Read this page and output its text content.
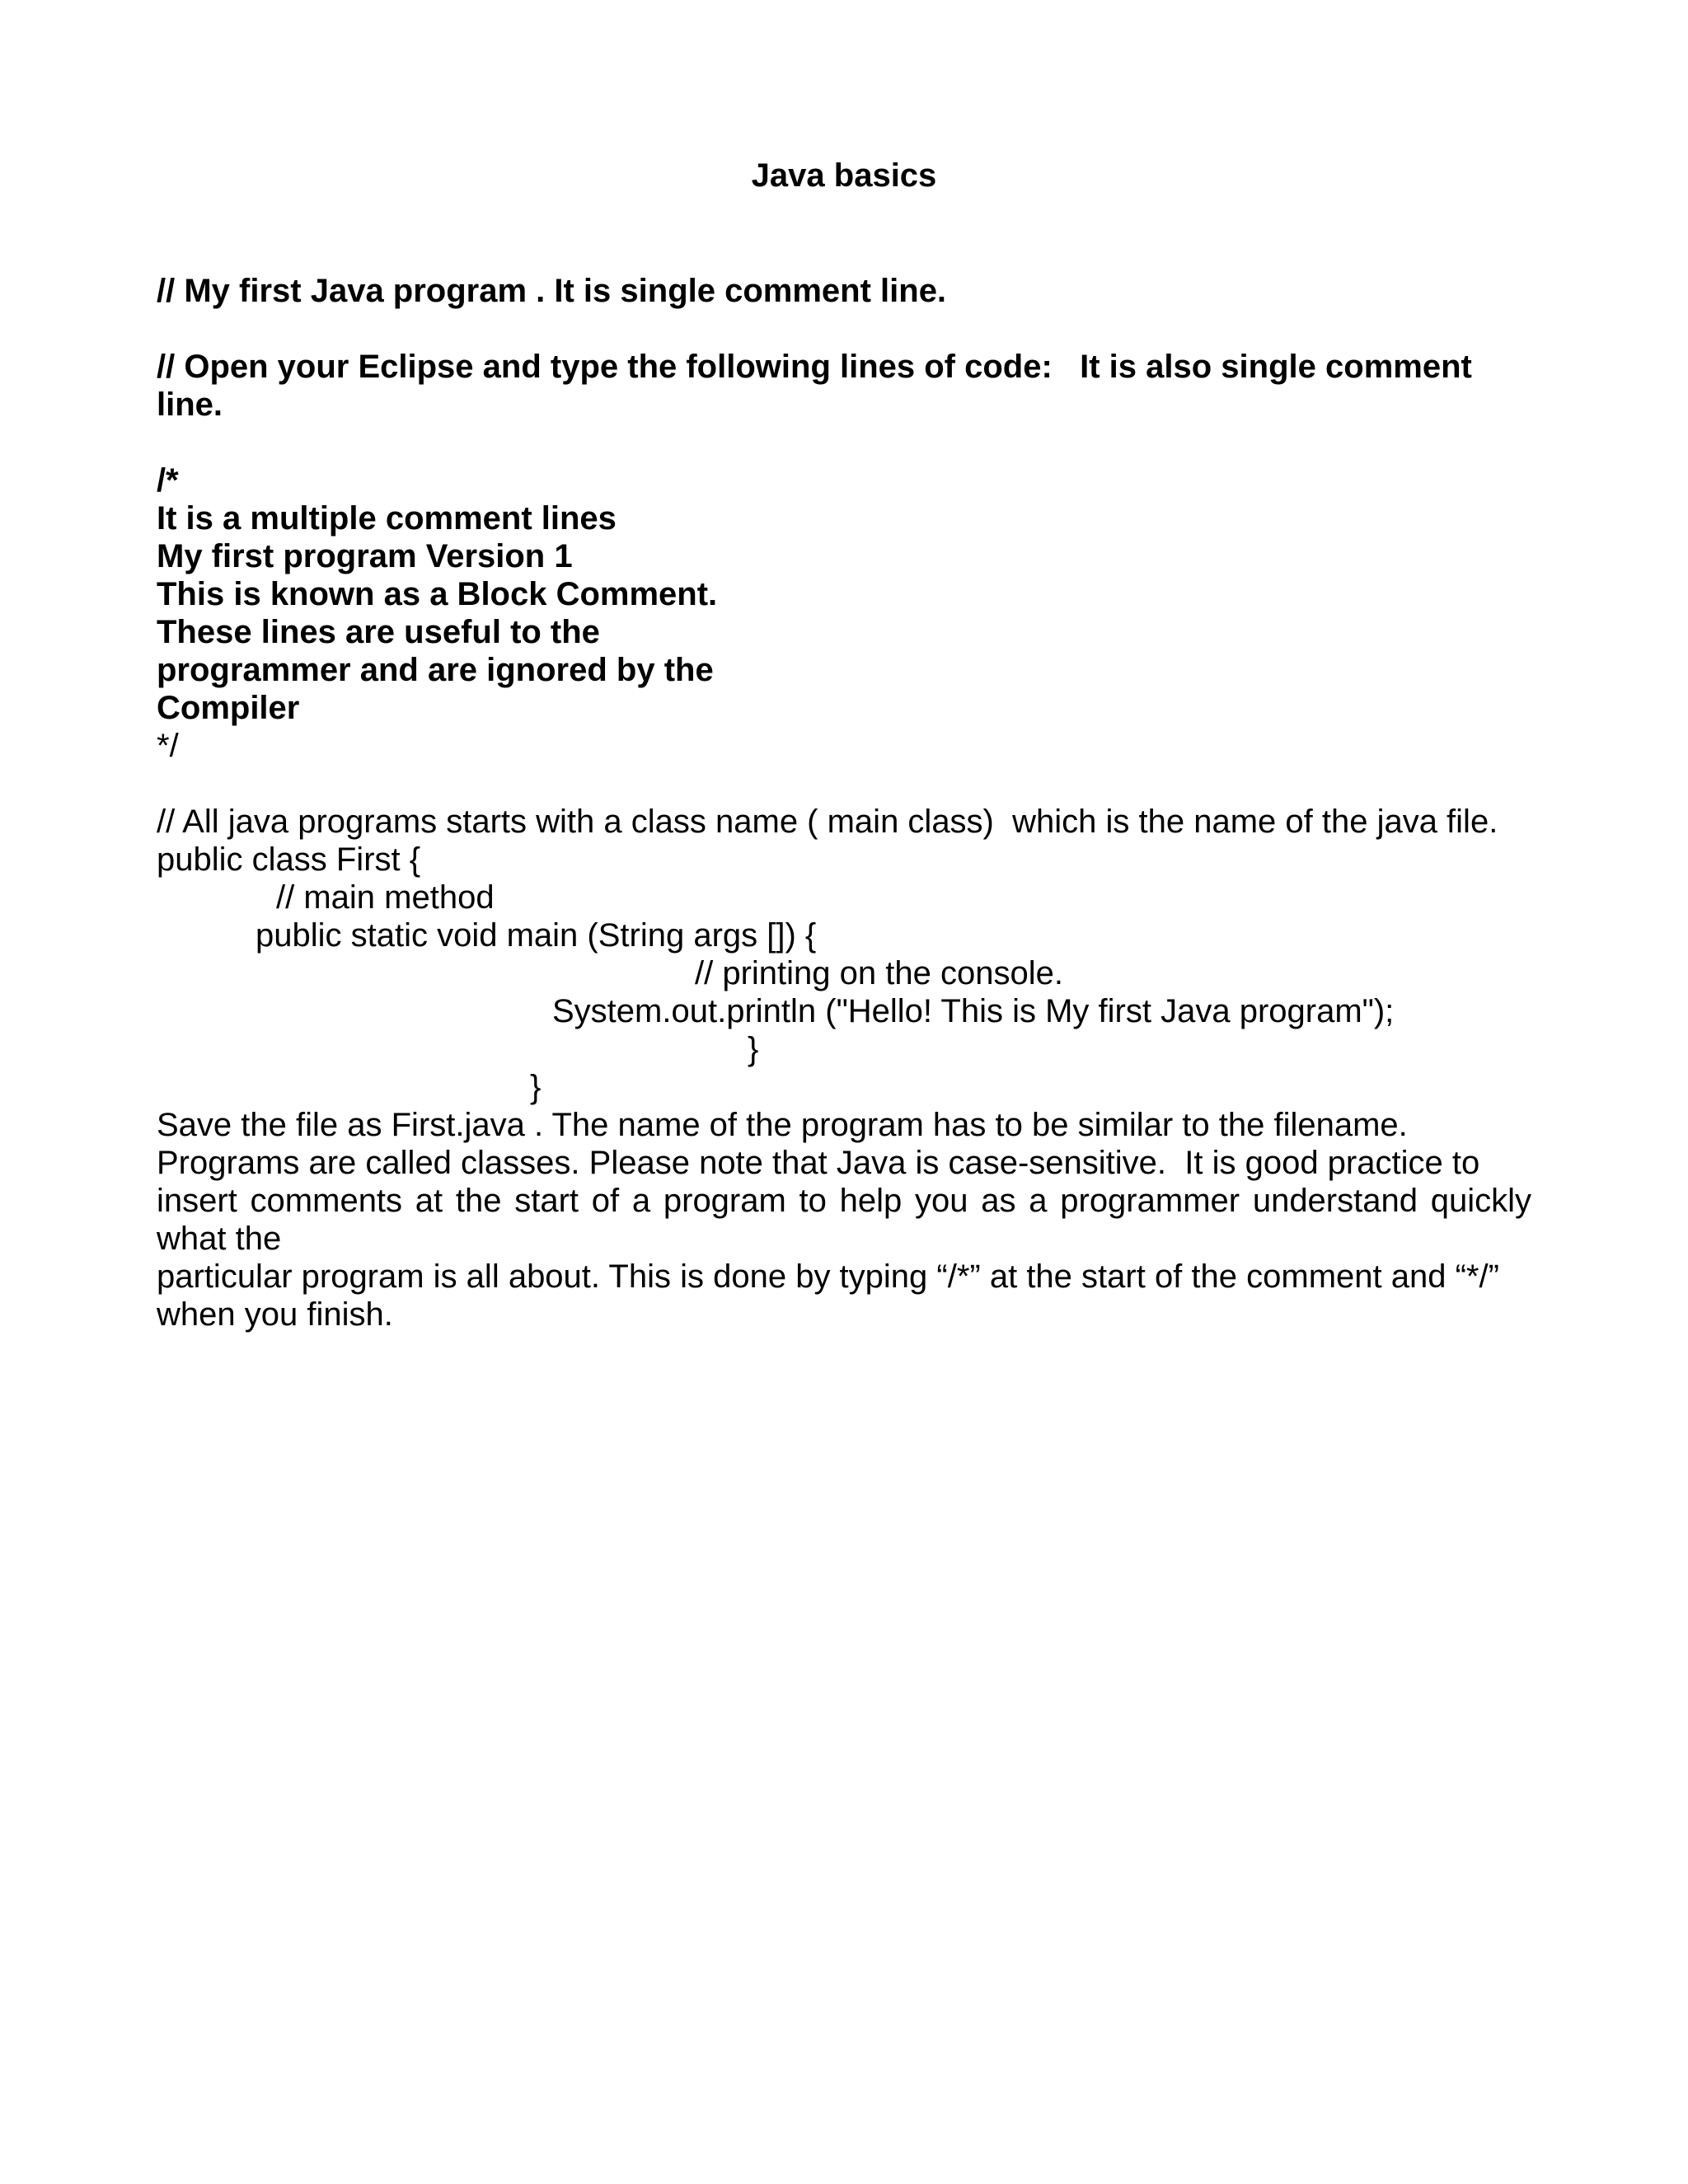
Java basics

// My first Java program . It is single comment line.

// Open your Eclipse and type the following lines of code:   It is also single comment

line.

/*

It is a multiple comment lines

My first program Version 1

This is known as a Block Comment.

These lines are useful to the

programmer and are ignored by the

Compiler

*/

// All java programs starts with a class name ( main class)  which is the name of the java file.

public class First {

// main method

public static void main (String args []) {

// printing on the console.

System.out.println ("Hello! This is My first Java program");

}

}

Save the file as First.java . The name of the program has to be similar to the filename.

Programs are called classes. Please note that Java is case-sensitive.  It is good practice to

insert comments at the start of a program to help you as a programmer understand quickly

what the

particular program is all about. This is done by typing “/*” at the start of the comment and “*/”

when you finish.
